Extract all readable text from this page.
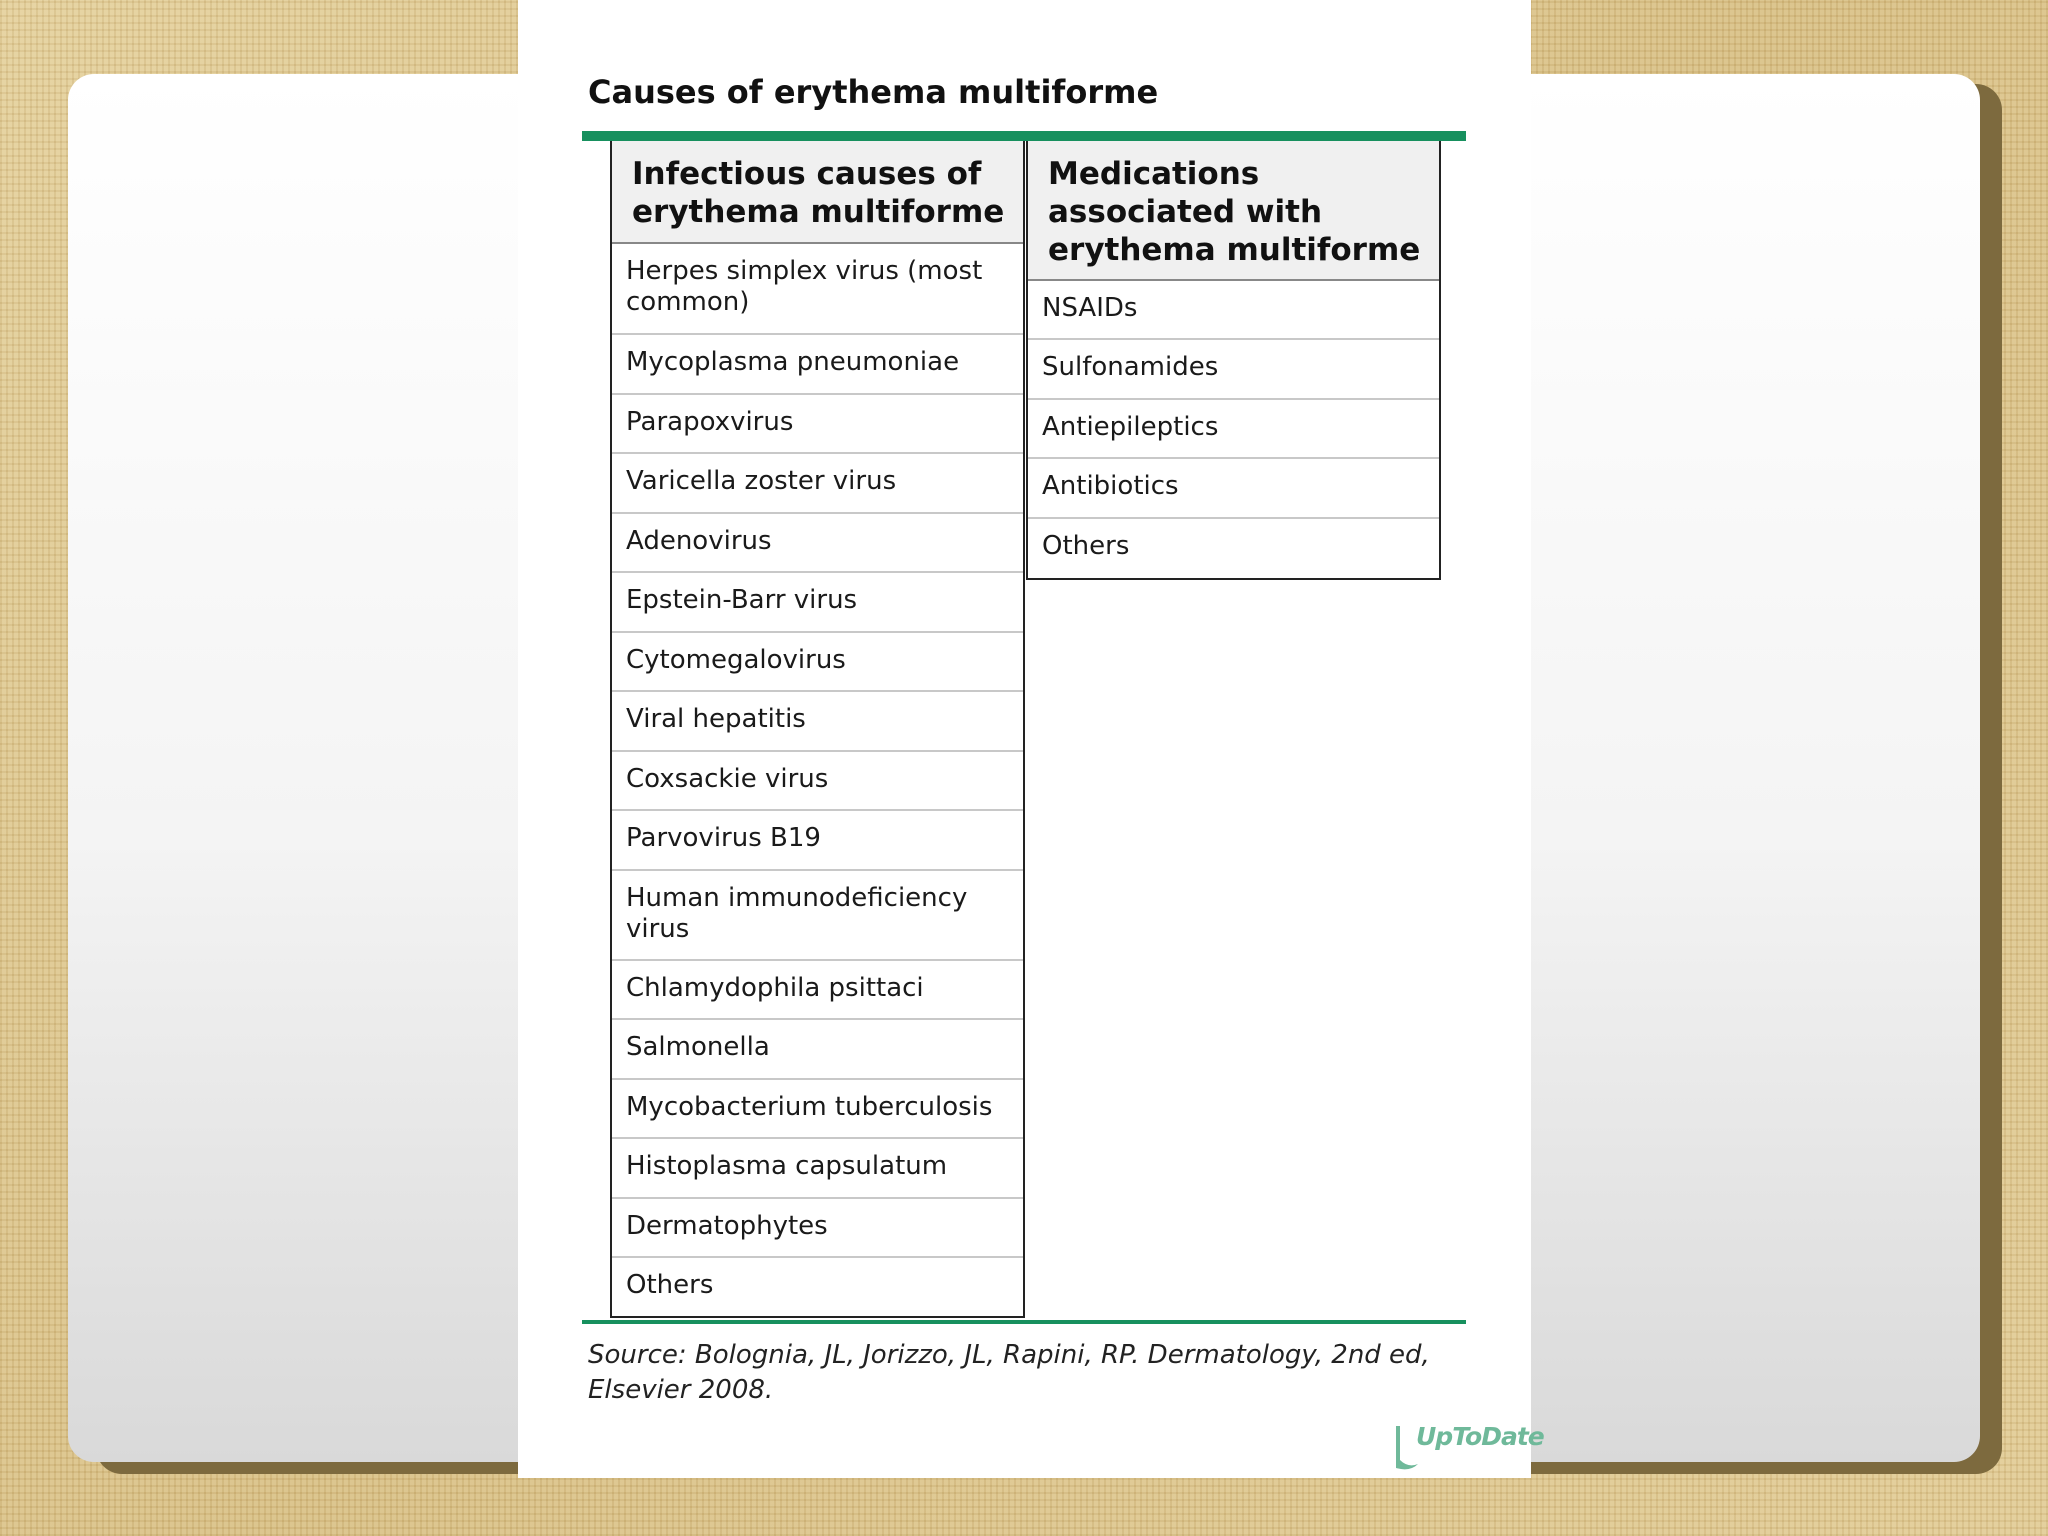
Causes of erythema multiforme
Infectious causes of erythema multiforme
Herpes simplex virus (most common)
Mycoplasma pneumoniae
Parapoxvirus
Varicella zoster virus
Adenovirus
Epstein-Barr virus
Cytomegalovirus
Viral hepatitis
Coxsackie virus
Parvovirus B19
Human immunodeficiency virus
Chlamydophila psittaci
Salmonella
Mycobacterium tuberculosis
Histoplasma capsulatum
Dermatophytes
Others
Medications associated with erythema multiforme
NSAIDs
Sulfonamides
Antiepileptics
Antibiotics
Others

Source: Bolognia, JL, Jorizzo, JL, Rapini, RP. Dermatology, 2nd ed, Elsevier 2008.

UpToDate
